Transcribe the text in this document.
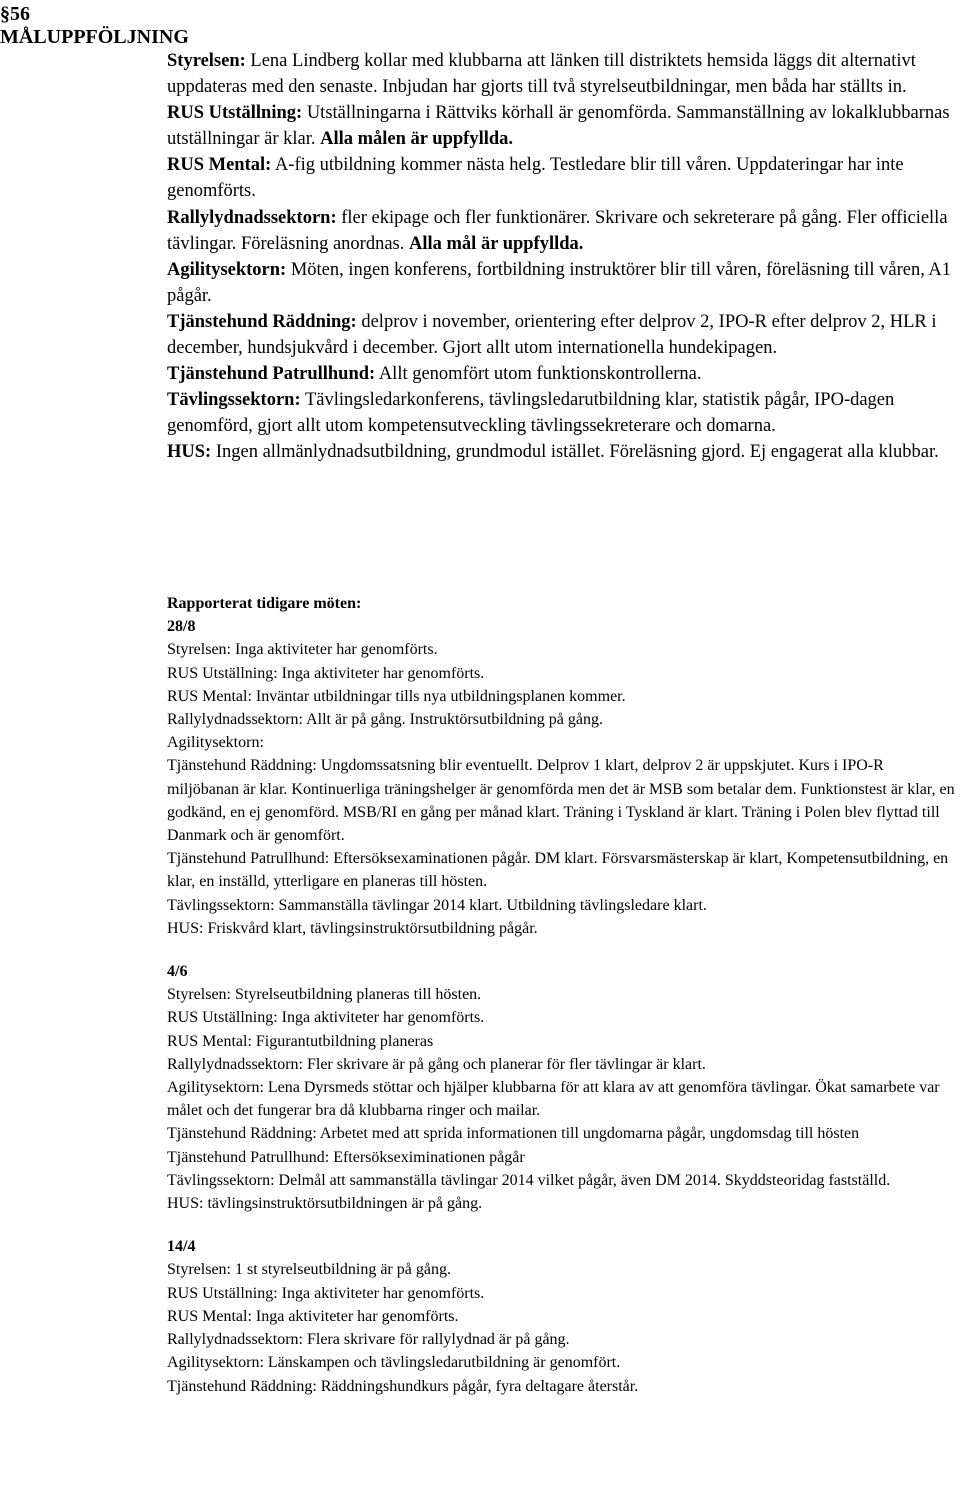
§56
MÅLUPPFÖLJNING

Styrelsen: Lena Lindberg kollar med klubbarna att länken till distriktets hemsida läggs dit alternativt uppdateras med den senaste. Inbjudan har gjorts till två styrelseutbildningar, men båda har ställts in.

RUS Utställning: Utställningarna i Rättviks körhall är genomförda. Sammanställning av lokalklubbarnas utställningar är klar. Alla målen är uppfyllda.

RUS Mental: A-fig utbildning kommer nästa helg. Testledare blir till våren. Uppdateringar har inte genomförts.

Rallylydnadssektorn: fler ekipage och fler funktionärer. Skrivare och sekreterare på gång. Fler officiella tävlingar. Föreläsning anordnas. Alla mål är uppfyllda.

Agilitysektorn: Möten, ingen konferens, fortbildning instruktörer blir till våren, föreläsning till våren, A1 pågår.

Tjänstehund Räddning: delprov i november, orientering efter delprov 2, IPO-R efter delprov 2, HLR i december, hundsjukvård i december. Gjort allt utom internationella hundekipagen.

Tjänstehund Patrullhund: Allt genomfört utom funktionskontrollerna.

Tävlingssektorn: Tävlingsledarkonferens, tävlingsledarutbildning klar, statistik pågår, IPO-dagen genomförd, gjort allt utom kompetensutveckling tävlingssekreterare och domarna.

HUS: Ingen allmänlydnadsutbildning, grundmodul istället. Föreläsning gjord. Ej engagerat alla klubbar.

Rapporterat tidigare möten:

28/8

Styrelsen: Inga aktiviteter har genomförts.

RUS Utställning: Inga aktiviteter har genomförts.

RUS Mental: Inväntar utbildningar tills nya utbildningsplanen kommer.

Rallylydnadssektorn: Allt är på gång. Instruktörsutbildning på gång.

Agilitysektorn:

Tjänstehund Räddning: Ungdomssatsning blir eventuellt. Delprov 1 klart, delprov 2 är uppskjutet. Kurs i IPO-R miljöbanan är klar. Kontinuerliga träningshelger är genomförda men det är MSB som betalar dem. Funktionstest är klar, en godkänd, en ej genomförd. MSB/RI en gång per månad klart. Träning i Tyskland är klart. Träning i Polen blev flyttad till Danmark och är genomfört.

Tjänstehund Patrullhund: Eftersöksexaminationen pågår. DM klart. Försvarsmästerskap är klart, Kompetensutbildning, en klar, en inställd, ytterligare en planeras till hösten.

Tävlingssektorn: Sammanställa tävlingar 2014 klart. Utbildning tävlingsledare klart.

HUS: Friskvård klart, tävlingsinstruktörsutbildning pågår.

4/6

Styrelsen: Styrelseutbildning planeras till hösten.

RUS Utställning: Inga aktiviteter har genomförts.

RUS Mental: Figurantutbildning planeras

Rallylydnadssektorn: Fler skrivare är på gång och planerar för fler tävlingar är klart.

Agilitysektorn: Lena Dyrsmeds stöttar och hjälper klubbarna för att klara av att genomföra tävlingar. Ökat samarbete var målet och det fungerar bra då klubbarna ringer och mailar.

Tjänstehund Räddning: Arbetet med att sprida informationen till ungdomarna pågår, ungdomsdag till hösten

Tjänstehund Patrullhund: Eftersökseximinationen pågår

Tävlingssektorn: Delmål att sammanställa tävlingar 2014 vilket pågår, även DM 2014. Skyddsteoridag fastställd.

HUS: tävlingsinstruktörsutbildningen är på gång.

14/4

Styrelsen: 1 st styrelseutbildning är på gång.

RUS Utställning: Inga aktiviteter har genomförts.

RUS Mental: Inga aktiviteter har genomförts.

Rallylydnadssektorn: Flera skrivare för rallylydnad är på gång.

Agilitysektorn: Länskampen och tävlingsledarutbildning är genomfört.

Tjänstehund Räddning: Räddningshundkurs pågår, fyra deltagare återstår.
